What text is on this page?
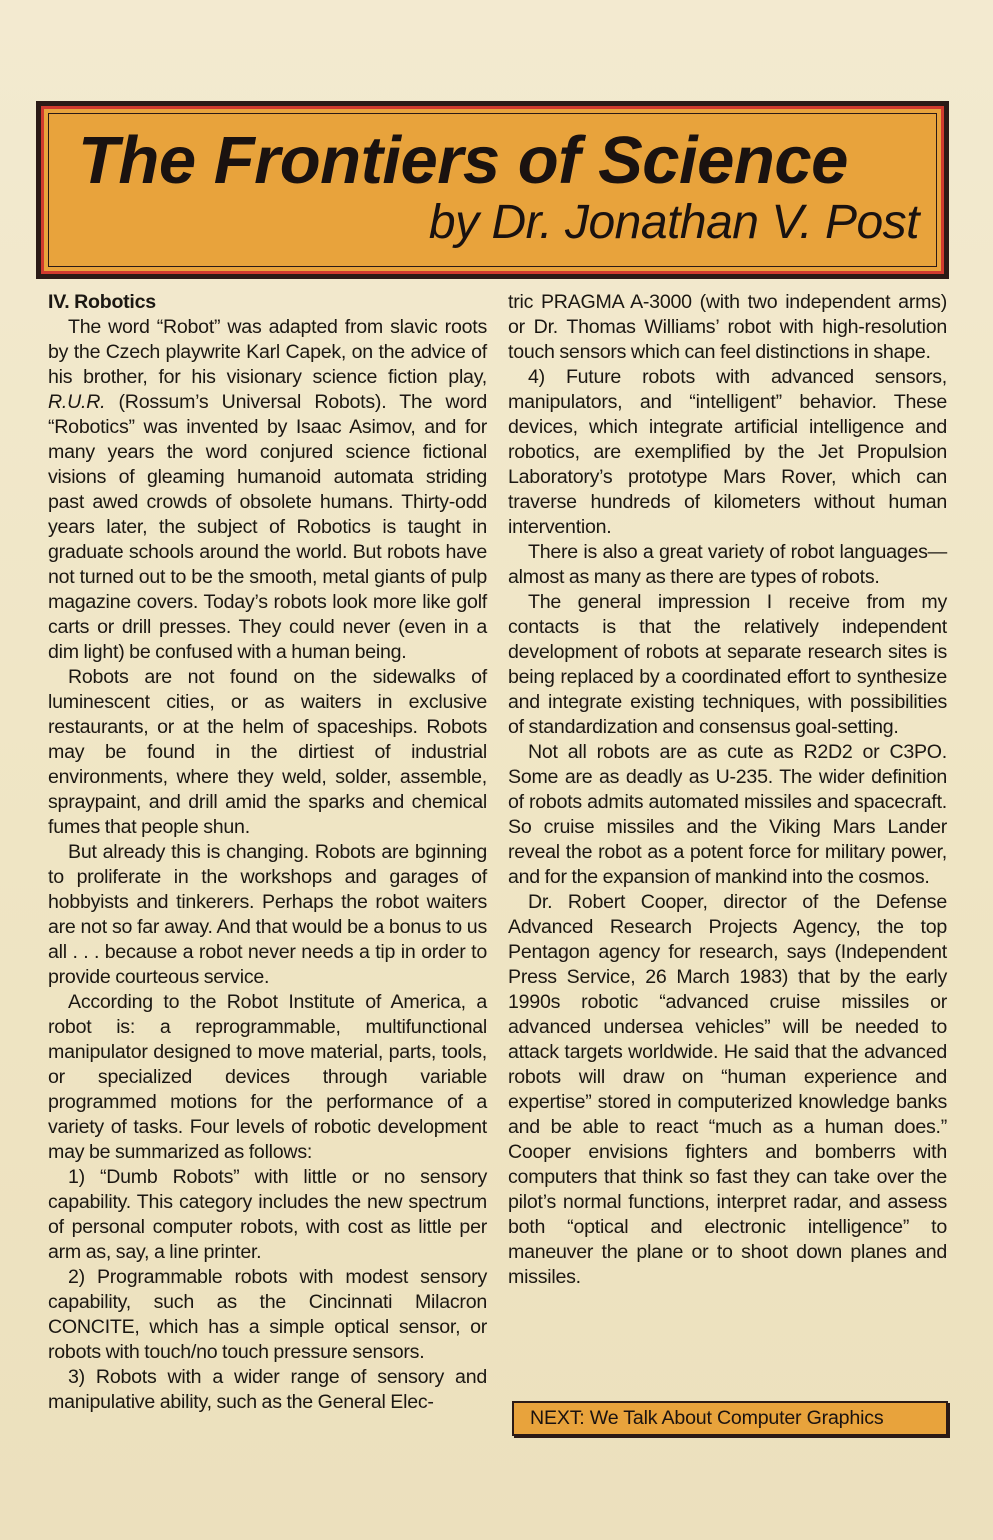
The Frontiers of Science

by Dr. Jonathan V. Post

IV. Robotics

The word “Robot” was adapted from slavic roots by the Czech playwrite Karl Capek, on the advice of his brother, for his visionary science fiction play, R.U.R. (Rossum’s Universal Robots). The word “Robotics” was invented by Isaac Asimov, and for many years the word conjured science fictional visions of gleaming humanoid automata striding past awed crowds of obsolete humans. Thirty-odd years later, the subject of Robotics is taught in graduate schools around the world. But robots have not turned out to be the smooth, metal giants of pulp magazine covers. Today’s robots look more like golf carts or drill presses. They could never (even in a dim light) be confused with a human being.

Robots are not found on the sidewalks of luminescent cities, or as waiters in exclusive restaurants, or at the helm of spaceships. Robots may be found in the dirtiest of industrial environments, where they weld, solder, assemble, spraypaint, and drill amid the sparks and chemical fumes that people shun.

But already this is changing. Robots are bginning to proliferate in the workshops and garages of hobbyists and tinkerers. Perhaps the robot waiters are not so far away. And that would be a bonus to us all . . . because a robot never needs a tip in order to provide courteous service.

According to the Robot Institute of America, a robot is: a reprogrammable, multifunctional manipulator designed to move material, parts, tools, or specialized devices through variable programmed motions for the performance of a variety of tasks. Four levels of robotic development may be summarized as follows:

1) “Dumb Robots” with little or no sensory capability. This category includes the new spectrum of personal computer robots, with cost as little per arm as, say, a line printer.

2) Programmable robots with modest sensory capability, such as the Cincinnati Milacron CONCITE, which has a simple optical sensor, or robots with touch/no touch pressure sensors.

3) Robots with a wider range of sensory and manipulative ability, such as the General Elec-

tric PRAGMA A-3000 (with two independent arms) or Dr. Thomas Williams’ robot with high-resolution touch sensors which can feel distinctions in shape.

4) Future robots with advanced sensors, manipulators, and “intelligent” behavior. These devices, which integrate artificial intelligence and robotics, are exemplified by the Jet Propulsion Laboratory’s prototype Mars Rover, which can traverse hundreds of kilometers without human intervention.

There is also a great variety of robot languages—almost as many as there are types of robots.

The general impression I receive from my contacts is that the relatively independent development of robots at separate research sites is being replaced by a coordinated effort to synthesize and integrate existing techniques, with possibilities of standardization and consensus goal-setting.

Not all robots are as cute as R2D2 or C3PO. Some are as deadly as U-235. The wider definition of robots admits automated missiles and spacecraft. So cruise missiles and the Viking Mars Lander reveal the robot as a potent force for military power, and for the expansion of mankind into the cosmos.

Dr. Robert Cooper, director of the Defense Advanced Research Projects Agency, the top Pentagon agency for research, says (Independent Press Service, 26 March 1983) that by the early 1990s robotic “advanced cruise missiles or advanced undersea vehicles” will be needed to attack targets worldwide. He said that the advanced robots will draw on “human experience and expertise” stored in computerized knowledge banks and be able to react “much as a human does.” Cooper envisions fighters and bomberrs with computers that think so fast they can take over the pilot’s normal functions, interpret radar, and assess both “optical and electronic intelligence” to maneuver the plane or to shoot down planes and missiles.

NEXT: We Talk About Computer Graphics
